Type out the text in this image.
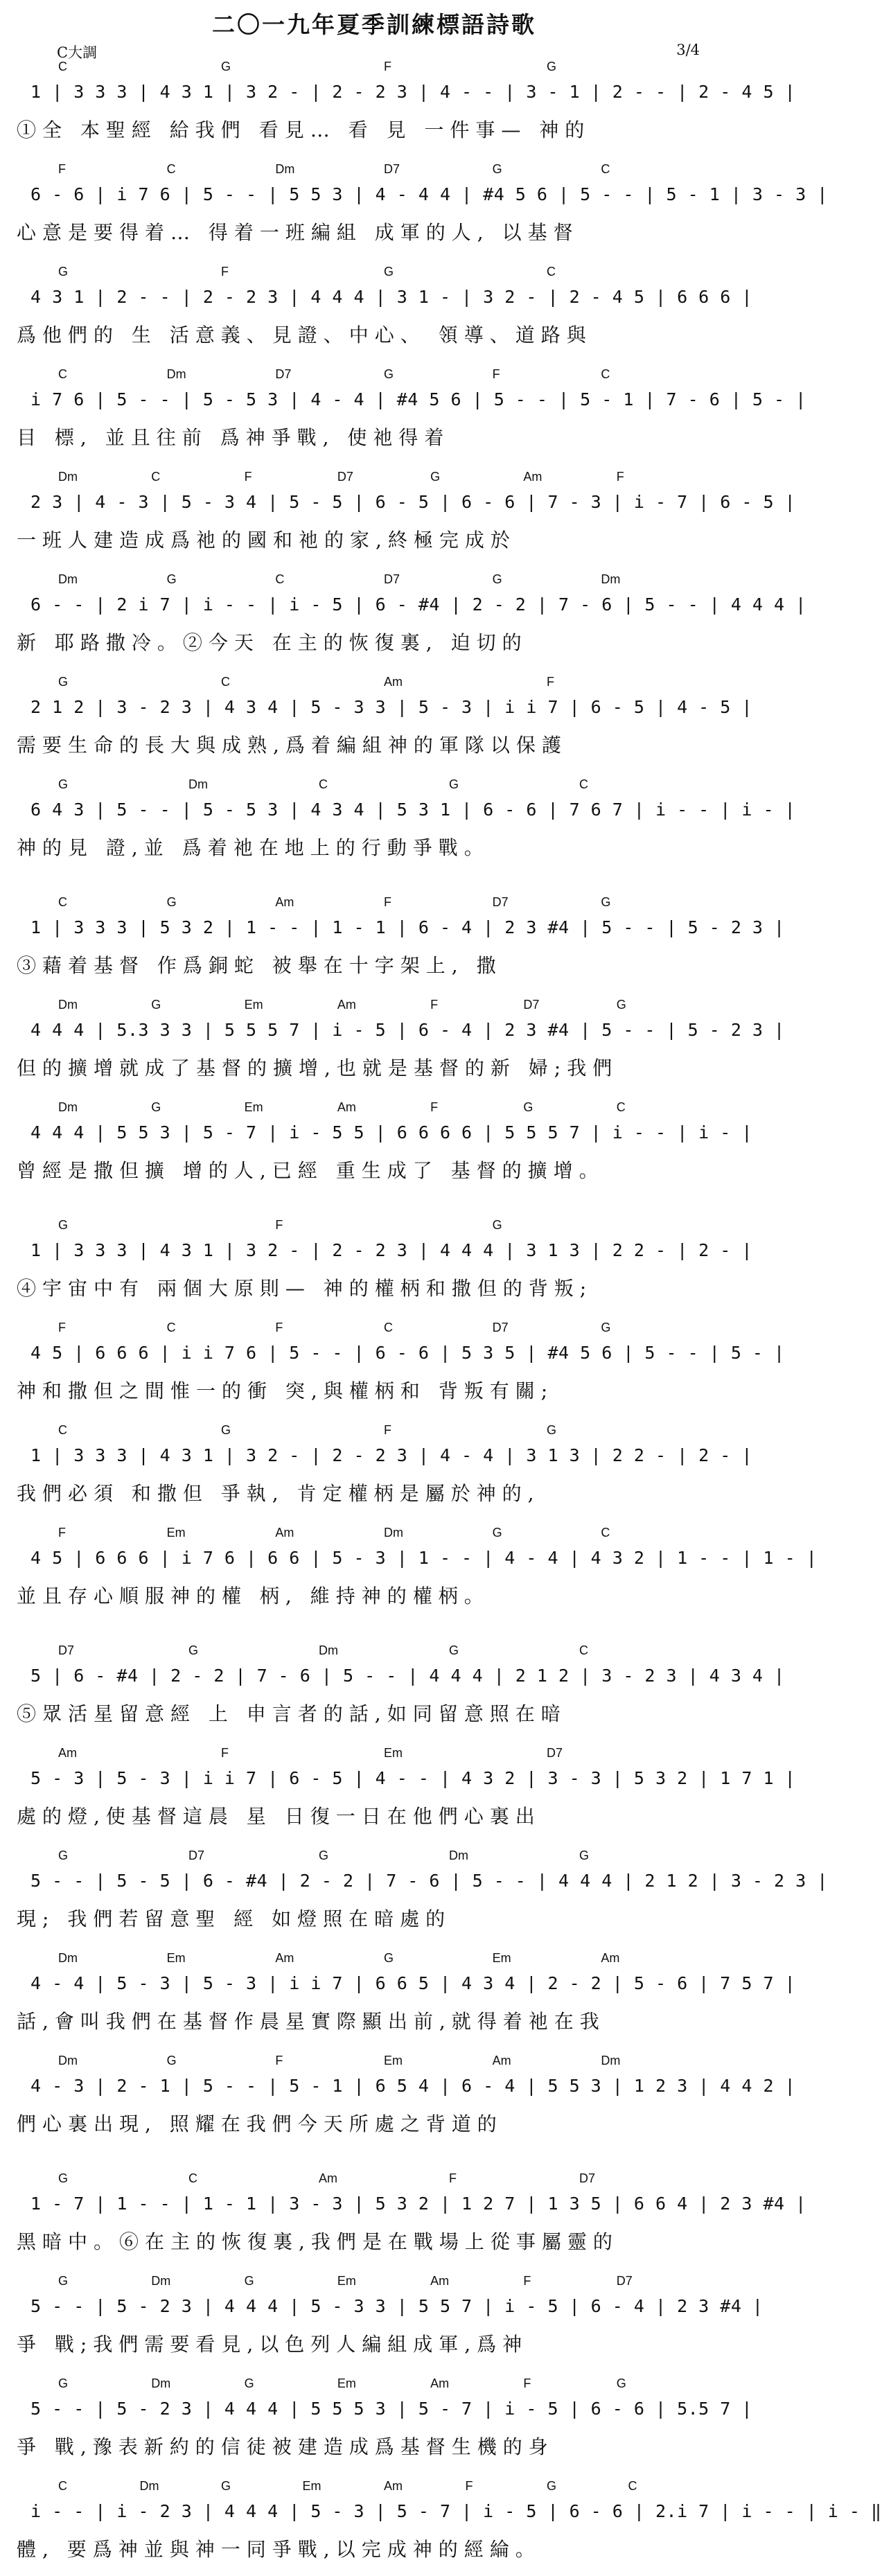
二〇一九年夏季訓練標語詩歌
C大調	3/4
C	G	F	G
1 | 3 3 3 | 4 3 1 | 3 2 - | 2 - 2 3 | 4 - - | 3 - 1 | 2 - - | 2 - 4 5 |
①全 本聖經 給我們 看見… 看 見 一件事— 神的
F	C	Dm	D7	G	C
6 - 6 | i 7 6 | 5 - - | 5 5 3 | 4 - 4 4 | #4 5 6 | 5 - - | 5 - 1 | 3 - 3 |
心意是要得着… 得着一班編組 成軍的人, 以基督
G	F	G	C
4 3 1 | 2 - - | 2 - 2 3 | 4 4 4 | 3 1 - | 3 2 - | 2 - 4 5 | 6 6 6 |
爲他們的 生 活意義、見證、中心、 領導、道路與
C	Dm	D7	G	F	C
i 7 6 | 5 - - | 5 - 5 3 | 4 - 4 | #4 5 6 | 5 - - | 5 - 1 | 7 - 6 | 5 - |
目 標, 並且往前 爲神爭戰, 使祂得着
Dm	C	F	D7	G	Am	F
2 3 | 4 - 3 | 5 - 3 4 | 5 - 5 | 6 - 5 | 6 - 6 | 7 - 3 | i - 7 | 6 - 5 |
一班人建造成爲祂的國和祂的家,終極完成於
Dm	G	C	D7	G	Dm
6 - - | 2 i 7 | i - - | i - 5 | 6 - #4 | 2 - 2 | 7 - 6 | 5 - - | 4 4 4 |
新 耶路撒冷。②今天 在主的恢復裏, 迫切的
G	C	Am	F
2 1 2 | 3 - 2 3 | 4 3 4 | 5 - 3 3 | 5 - 3 | i i 7 | 6 - 5 | 4 - 5 |
需要生命的長大與成熟,爲着編組神的軍隊以保護
G	Dm	C	G	C
6 4 3 | 5 - - | 5 - 5 3 | 4 3 4 | 5 3 1 | 6 - 6 | 7 6 7 | i - - | i - |
神的見 證,並 爲着祂在地上的行動爭戰。
C	G	Am	F	D7	G
1 | 3 3 3 | 5 3 2 | 1 - - | 1 - 1 | 6 - 4 | 2 3 #4 | 5 - - | 5 - 2 3 |
③藉着基督 作爲銅蛇 被舉在十字架上, 撒
Dm	G	Em	Am	F	D7	G
4 4 4 | 5.3 3 3 | 5 5 5 7 | i - 5 | 6 - 4 | 2 3 #4 | 5 - - | 5 - 2 3 |
但的擴增就成了基督的擴增,也就是基督的新 婦;我們
Dm	G	Em	Am	F	G	C
4 4 4 | 5 5 3 | 5 - 7 | i - 5 5 | 6 6 6 6 | 5 5 5 7 | i - - | i - |
曾經是撒但擴 增的人,已經 重生成了 基督的擴增。
G	F	G
1 | 3 3 3 | 4 3 1 | 3 2 - | 2 - 2 3 | 4 4 4 | 3 1 3 | 2 2 - | 2 - |
④宇宙中有 兩個大原則— 神的權柄和撒但的背叛;
F	C	F	C	D7	G
4 5 | 6 6 6 | i i 7 6 | 5 - - | 6 - 6 | 5 3 5 | #4 5 6 | 5 - - | 5 - |
神和撒但之間惟一的衝 突,與權柄和 背叛有關;
C	G	F	G
1 | 3 3 3 | 4 3 1 | 3 2 - | 2 - 2 3 | 4 - 4 | 3 1 3 | 2 2 - | 2 - |
我們必須 和撒但 爭執, 肯定權柄是屬於神的,
F	Em	Am	Dm	G	C
4 5 | 6 6 6 | i 7 6 | 6 6 | 5 - 3 | 1 - - | 4 - 4 | 4 3 2 | 1 - - | 1 - |
並且存心順服神的權 柄, 維持神的權柄。
D7	G	Dm	G	C
5 | 6 - #4 | 2 - 2 | 7 - 6 | 5 - - | 4 4 4 | 2 1 2 | 3 - 2 3 | 4 3 4 |
⑤眾活星留意經 上 申言者的話,如同留意照在暗
Am	F	Em	D7
5 - 3 | 5 - 3 | i i 7 | 6 - 5 | 4 - - | 4 3 2 | 3 - 3 | 5 3 2 | 1 7 1 |
處的燈,使基督這晨 星 日復一日在他們心裏出
G	D7	G	Dm	G
5 - - | 5 - 5 | 6 - #4 | 2 - 2 | 7 - 6 | 5 - - | 4 4 4 | 2 1 2 | 3 - 2 3 |
現; 我們若留意聖 經 如燈照在暗處的
Dm	Em	Am	G	Em	Am
4 - 4 | 5 - 3 | 5 - 3 | i i 7 | 6 6 5 | 4 3 4 | 2 - 2 | 5 - 6 | 7 5 7 |
話,會叫我們在基督作晨星實際顯出前,就得着祂在我
Dm	G	F	Em	Am	Dm
4 - 3 | 2 - 1 | 5 - - | 5 - 1 | 6 5 4 | 6 - 4 | 5 5 3 | 1 2 3 | 4 4 2 |
們心裏出現, 照耀在我們今天所處之背道的
G	C	Am	F	D7
1 - 7 | 1 - - | 1 - 1 | 3 - 3 | 5 3 2 | 1 2 7 | 1 3 5 | 6 6 4 | 2 3 #4 |
黑暗中。⑥在主的恢復裏,我們是在戰場上從事屬靈的
G	Dm	G	Em	Am	F	D7
5 - - | 5 - 2 3 | 4 4 4 | 5 - 3 3 | 5 5 7 | i - 5 | 6 - 4 | 2 3 #4 |
爭 戰;我們需要看見,以色列人編組成軍,爲神
G	Dm	G	Em	Am	F	G
5 - - | 5 - 2 3 | 4 4 4 | 5 5 5 3 | 5 - 7 | i - 5 | 6 - 6 | 5.5 7 |
爭 戰,豫表新約的信徒被建造成爲基督生機的身
C	Dm	G	Em	Am	F	G	C
i - - | i - 2 3 | 4 4 4 | 5 - 3 | 5 - 7 | i - 5 | 6 - 6 | 2.i 7 | i - - | i - ‖
體, 要爲神並與神一同爭戰,以完成神的經綸。
